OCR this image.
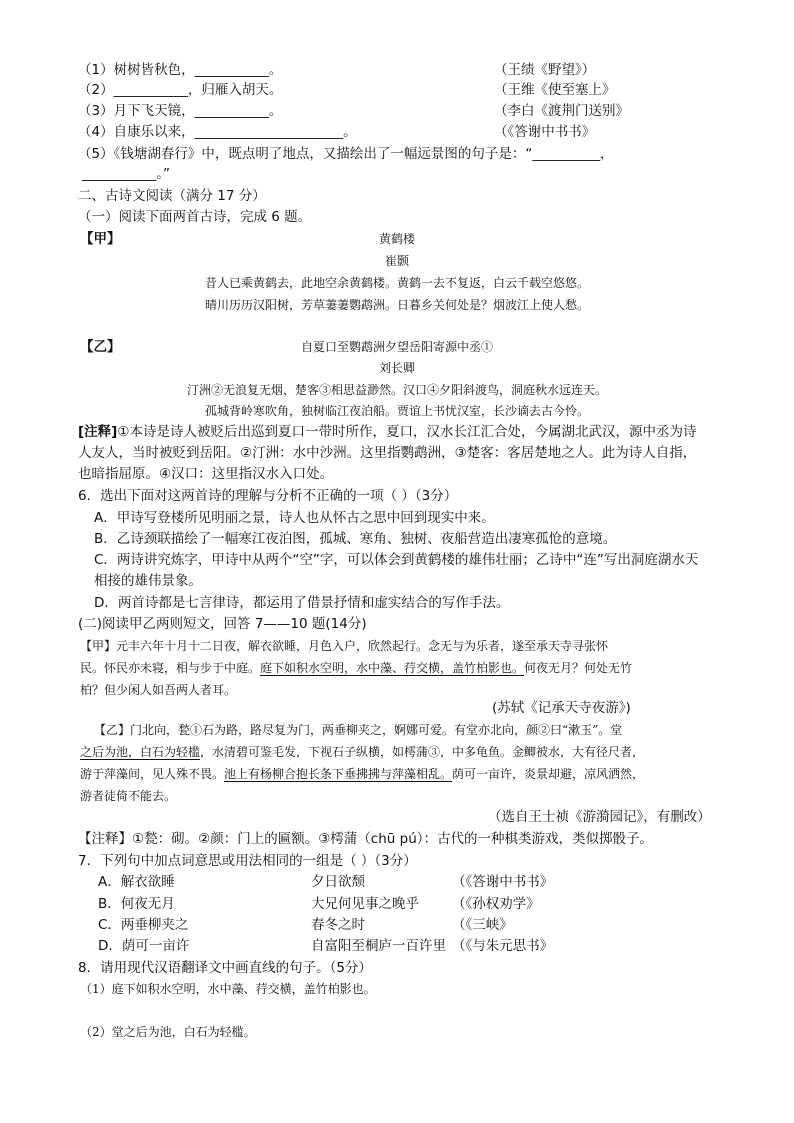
（1）树树皆秋色，___________。	（王绩《野望》）
（2）___________，归雁入胡天。	（王维《使至塞上》
（3）月下飞天镜，___________。	（李白《渡荆门送别》
（4）自康乐以来，______________________。	（《答谢中书书》
（5）《钱塘湖春行》中，既点明了地点，又描绘出了一幅远景图的句子是：“__________，
___________。”
二、古诗文阅读（满分 17 分）
（一）阅读下面两首古诗，完成 6 题。
【甲】	黄鹤楼
崔颢
昔人已乘黄鹤去，此地空余黄鹤楼。黄鹤一去不复返，白云千载空悠悠。
晴川历历汉阳树，芳草萋萋鹦鹉洲。日暮乡关何处是？烟波江上使人愁。
【乙】	自夏口至鹦鹉洲夕望岳阳寄源中丞①
刘长卿
汀洲②无浪复无烟，楚客③相思益渺然。汉口④夕阳斜渡鸟，洞庭秋水远连天。
孤城背岭寒吹角，独树临江夜泊船。贾谊上书忧汉室，长沙谪去古今怜。
[注释]①本诗是诗人被贬后出巡到夏口一带时所作，夏口，汉水长江汇合处，今属湖北武汉，源中丞为诗
人友人，当时被贬到岳阳。②汀洲：水中沙洲。这里指鹦鹉洲，③楚客：客居楚地之人。此为诗人自指，
也暗指屈原。④汉口：这里指汉水入口处。
6．选出下面对这两首诗的理解与分析不正确的一项（ ）（3分）
A．甲诗写登楼所见明丽之景，诗人也从怀古之思中回到现实中来。
B．乙诗颈联描绘了一幅寒江夜泊图，孤城、寒角、独树、夜船营造出凄寒孤怆的意境。
C．两诗讲究炼字，甲诗中从两个“空”字，可以体会到黄鹤楼的雄伟壮丽；乙诗中“连”写出洞庭湖水天
相接的雄伟景象。
D．两首诗都是七言律诗，都运用了借景抒情和虚实结合的写作手法。
(二)阅读甲乙两则短文，回答 7——10 题(14分)
【甲】元丰六年十月十二日夜，解衣欲睡，月色入户，欣然起行。念无与为乐者，遂至承天寺寻张怀
民。怀民亦未寝，相与步于中庭。庭下如积水空明，水中藻、荇交横，盖竹柏影也。何夜无月？何处无竹
柏？但少闲人如吾两人者耳。
(苏轼《记承天寺夜游》)
【乙】门北向，甃①石为路，路尽复为门，两垂柳夹之，婀娜可爱。有堂亦北向，颜②曰“漱玉”。堂
之后为池，白石为轻槛，水清碧可鉴毛发，下视石子纵横，如樗蒲③，中多龟鱼。金鲫被水，大有径尺者，
游于萍藻间，见人殊不畏。池上有杨柳合抱长条下垂拂拂与萍藻相乱。荫可一亩许，炎景却避，凉风洒然，
游者徒倚不能去。
（选自王士祯《游漪园记》，有删改）
【注释】①甃：砌。②颜：门上的匾额。③樗蒲（chū pú）：古代的一种棋类游戏，类似掷骰子。
7．下列句中加点词意思或用法相同的一组是（ ）（3分）
A．解衣欲睡	夕日欲颓	（《答谢中书书》
B．何夜无月	大兄何见事之晚乎 （《孙权劝学》
C．两垂柳夹之	春冬之时	（《三峡》
D．荫可一亩许	自富阳至桐庐一百许里 （《与朱元思书》
8．请用现代汉语翻译文中画直线的句子。（5分）
（1）庭下如积水空明，水中藻、荇交横，盖竹柏影也。
（2）堂之后为池，白石为轻槛。
